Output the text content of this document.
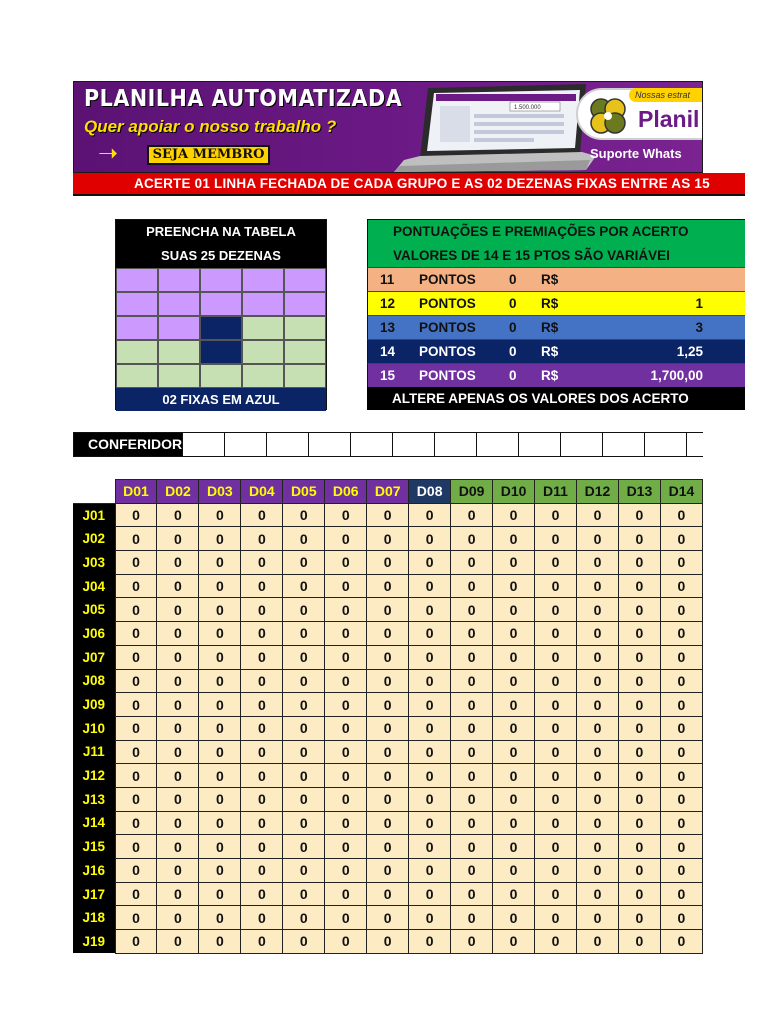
PLANILHA AUTOMATIZADA
Quer apoiar o nosso trabalho ?
➝	SEJA MEMBRO
1.500.000
Nossas estrat
Planil
Suporte Whats
ACERTE 01 LINHA FECHADA DE CADA GRUPO E AS 02 DEZENAS FIXAS ENTRE AS 15
PREENCHA NA TABELA
SUAS 25 DEZENAS
02 FIXAS EM AZUL
PONTUAÇÕES E PREMIAÇÕES POR ACERTO
VALORES DE 14 E 15 PTOS SÃO VARIÁVEI
11 PONTOS 0 R$
12 PONTOS 0 R$	1
13 PONTOS 0 R$	3
14 PONTOS 0 R$	1,25
15 PONTOS 0 R$	1,700,00
ALTERE APENAS OS VALORES DOS ACERTO
CONFERIDOR
	D01	D02	D03	D04	D05	D06	D07	D08	D09	D10	D11	D12	D13	D14
J01	0	0	0	0	0	0	0	0	0	0	0	0	0	0
J02	0	0	0	0	0	0	0	0	0	0	0	0	0	0
J03	0	0	0	0	0	0	0	0	0	0	0	0	0	0
J04	0	0	0	0	0	0	0	0	0	0	0	0	0	0
J05	0	0	0	0	0	0	0	0	0	0	0	0	0	0
J06	0	0	0	0	0	0	0	0	0	0	0	0	0	0
J07	0	0	0	0	0	0	0	0	0	0	0	0	0	0
J08	0	0	0	0	0	0	0	0	0	0	0	0	0	0
J09	0	0	0	0	0	0	0	0	0	0	0	0	0	0
J10	0	0	0	0	0	0	0	0	0	0	0	0	0	0
J11	0	0	0	0	0	0	0	0	0	0	0	0	0	0
J12	0	0	0	0	0	0	0	0	0	0	0	0	0	0
J13	0	0	0	0	0	0	0	0	0	0	0	0	0	0
J14	0	0	0	0	0	0	0	0	0	0	0	0	0	0
J15	0	0	0	0	0	0	0	0	0	0	0	0	0	0
J16	0	0	0	0	0	0	0	0	0	0	0	0	0	0
J17	0	0	0	0	0	0	0	0	0	0	0	0	0	0
J18	0	0	0	0	0	0	0	0	0	0	0	0	0	0
J19	0	0	0	0	0	0	0	0	0	0	0	0	0	0
